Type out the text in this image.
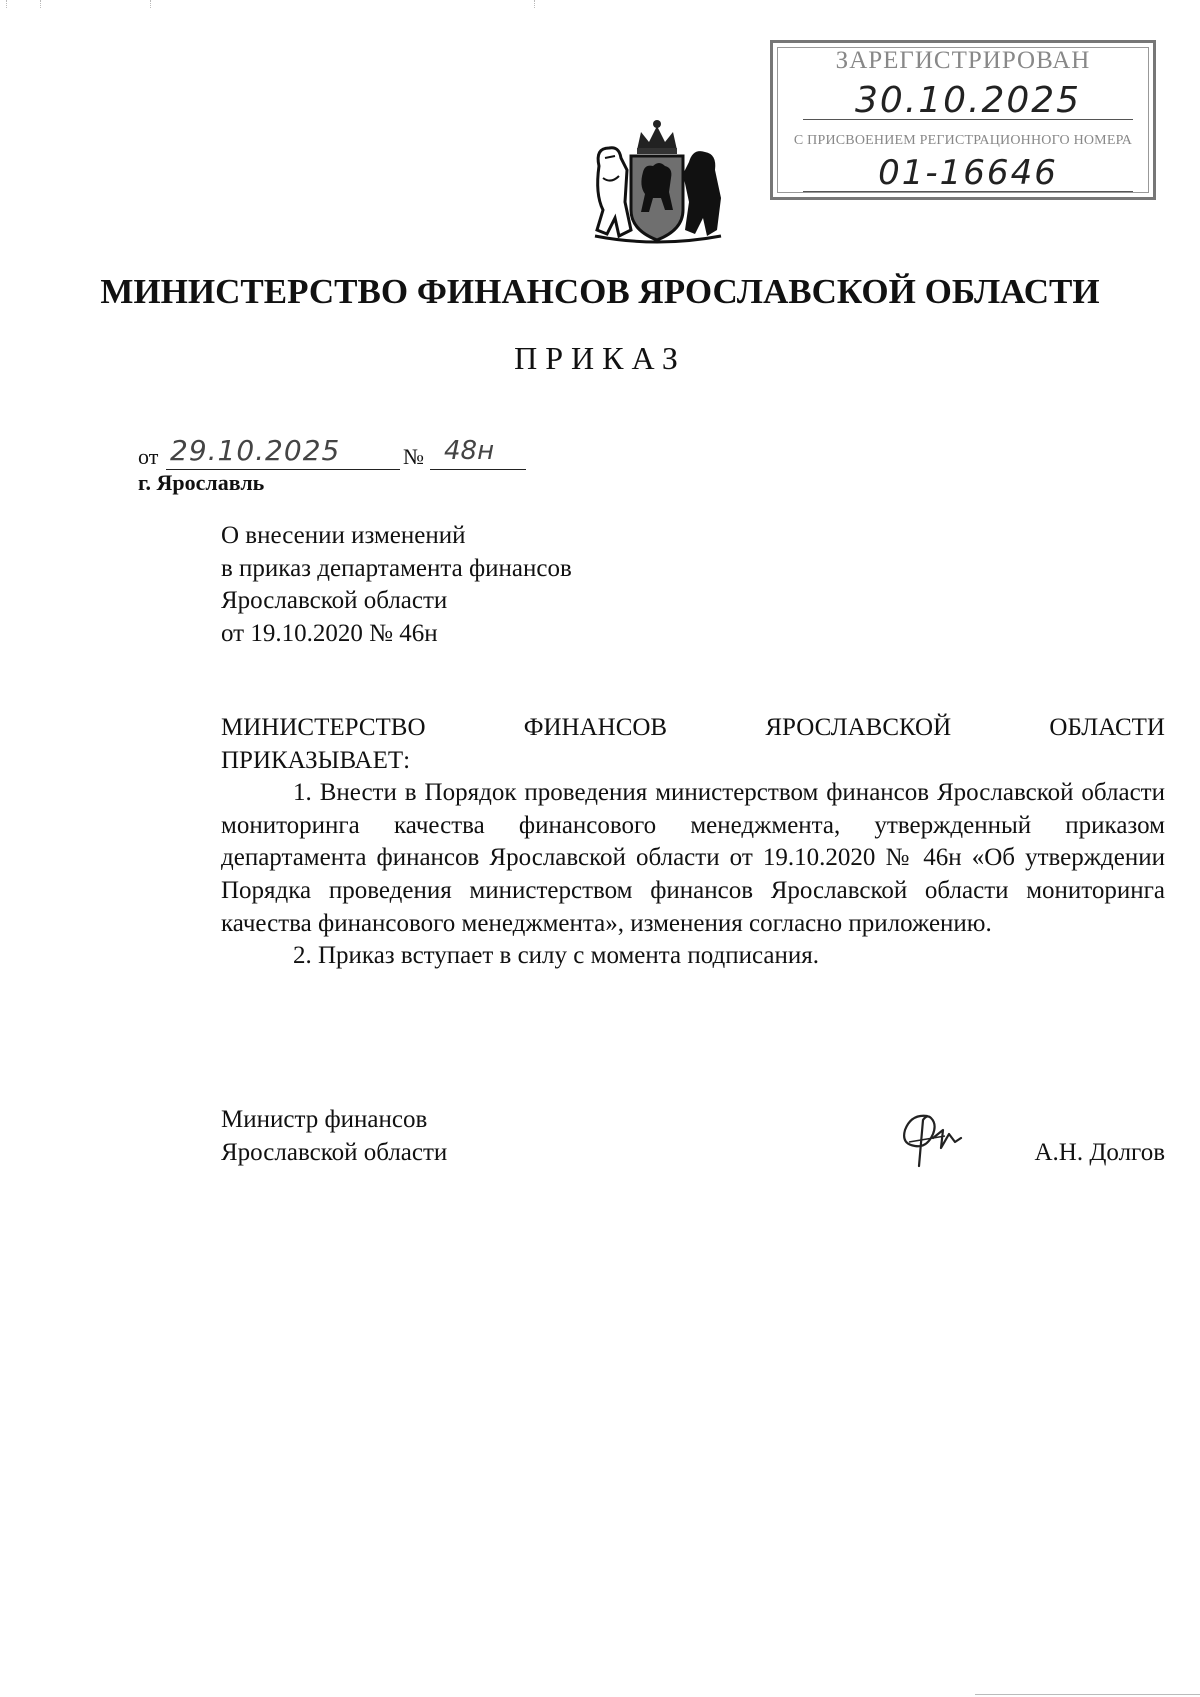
ЗАРЕГИСТРИРОВАН
30.10.2025
С ПРИСВОЕНИЕМ РЕГИСТРАЦИОННОГО НОМЕРА
01-16646
МИНИСТЕРСТВО ФИНАНСОВ ЯРОСЛАВСКОЙ ОБЛАСТИ
ПРИКАЗ
от 29.10.2025	№ 48н
г. Ярославль
О внесении изменений
в приказ департамента финансов
Ярославской области
от 19.10.2020 № 46н
МИНИСТЕРСТВО	ФИНАНСОВ	ЯРОСЛАВСКОЙ	ОБЛАСТИ
ПРИКАЗЫВАЕТ:

1. Внести в Порядок проведения министерством финансов Ярославской области мониторинга качества финансового менеджмента, утвержденный приказом департамента финансов Ярославской области от 19.10.2020 № 46н «Об утверждении Порядка проведения министерством финансов Ярославской области мониторинга качества финансового менеджмента», изменения согласно приложению.

2. Приказ вступает в силу с момента подписания.

Министр финансов
Ярославской области	А.Н. Долгов
